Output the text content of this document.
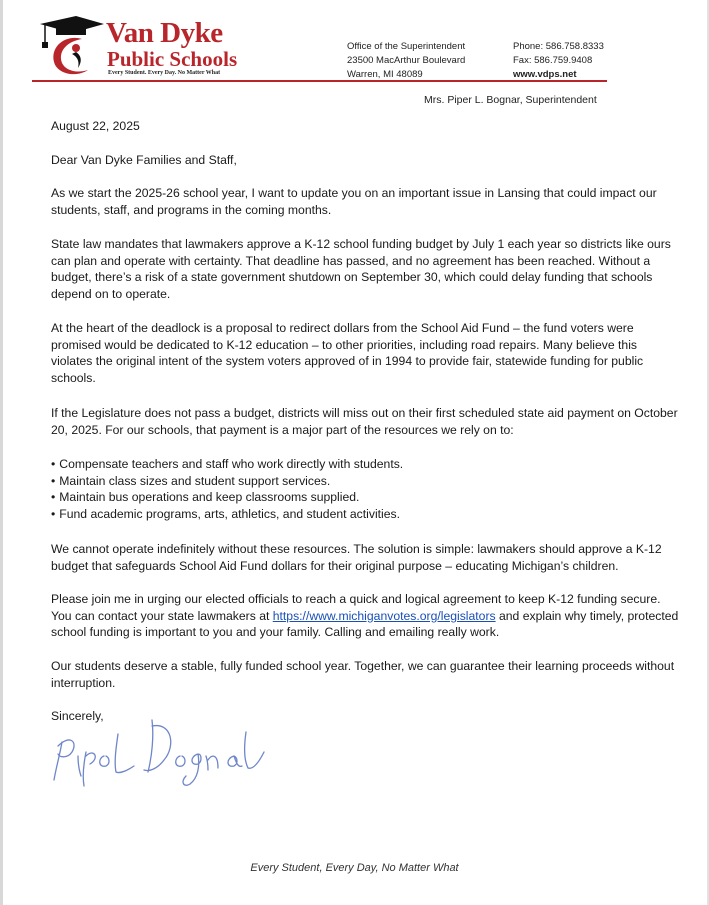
Van Dyke
Public Schools
Every Student. Every Day. No Matter What
Office of the Superintendent
23500 MacArthur Boulevard
Warren, MI 48089
Phone: 586.758.8333
Fax: 586.759.9408
www.vdps.net
Mrs. Piper L. Bognar, Superintendent

August 22, 2025

Dear Van Dyke Families and Staff,

As we start the 2025-26 school year, I want to update you on an important issue in Lansing that could impact our students, staff, and programs in the coming months.

State law mandates that lawmakers approve a K-12 school funding budget by July 1 each year so districts like ours can plan and operate with certainty. That deadline has passed, and no agreement has been reached. Without a budget, there’s a risk of a state government shutdown on September 30, which could delay funding that schools depend on to operate.

At the heart of the deadlock is a proposal to redirect dollars from the School Aid Fund – the fund voters were promised would be dedicated to K-12 education – to other priorities, including road repairs. Many believe this violates the original intent of the system voters approved of in 1994 to provide fair, statewide funding for public schools.

If the Legislature does not pass a budget, districts will miss out on their first scheduled state aid payment on October 20, 2025. For our schools, that payment is a major part of the resources we rely on to:

• Compensate teachers and staff who work directly with students.
• Maintain class sizes and student support services.
• Maintain bus operations and keep classrooms supplied.
• Fund academic programs, arts, athletics, and student activities.

We cannot operate indefinitely without these resources. The solution is simple: lawmakers should approve a K-12 budget that safeguards School Aid Fund dollars for their original purpose – educating Michigan’s children.

Please join me in urging our elected officials to reach a quick and logical agreement to keep K-12 funding secure. You can contact your state lawmakers at https://www.michiganvotes.org/legislators and explain why timely, protected school funding is important to you and your family. Calling and emailing really work.

Our students deserve a stable, fully funded school year. Together, we can guarantee their learning proceeds without interruption.

Sincerely,

Every Student, Every Day, No Matter What
